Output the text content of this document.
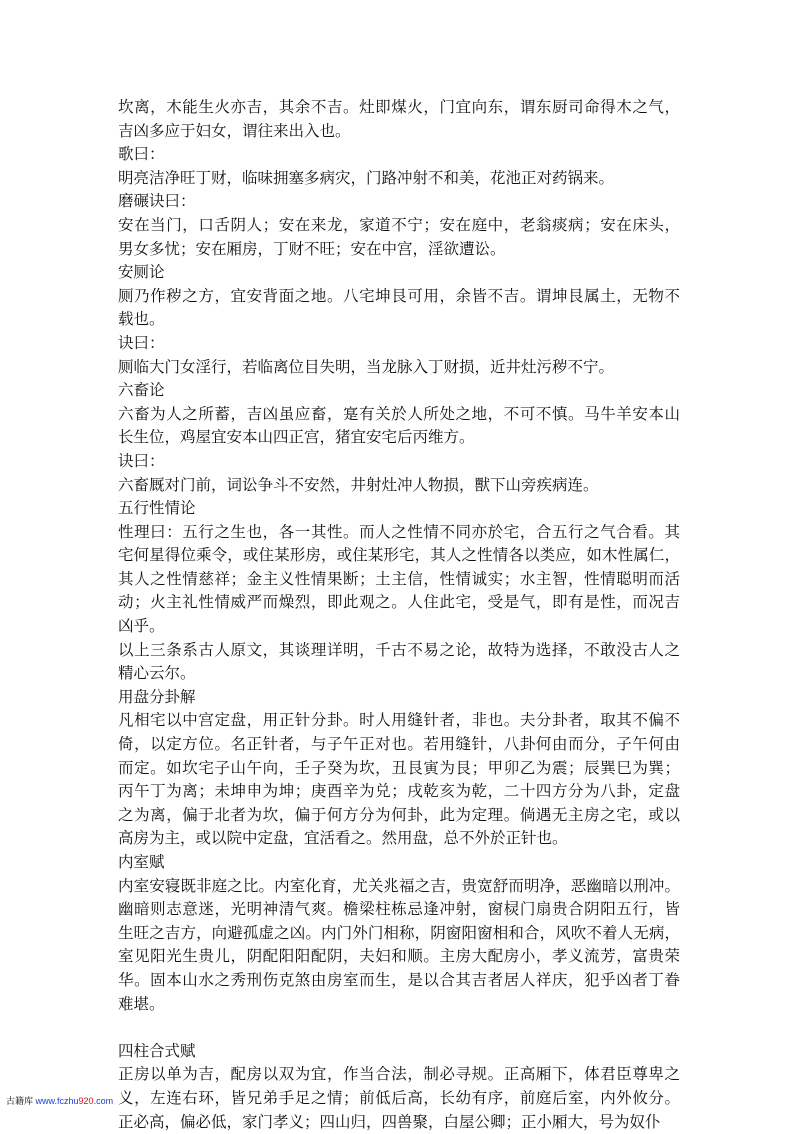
坎离，木能生火亦吉，其余不吉。灶即煤火，门宜向东，谓东厨司命得木之气，
吉凶多应于妇女，谓往来出入也。
歌曰：
明亮洁净旺丁财，临味拥塞多病灾，门路冲射不和美，花池正对药锅来。
磨碾诀曰：
安在当门，口舌阴人；安在来龙，家道不宁；安在庭中，老翁痰病；安在床头，
男女多忧；安在厢房，丁财不旺；安在中宫，淫欲遭讼。
安厕论
厕乃作秽之方，宜安背面之地。八宅坤艮可用，余皆不吉。谓坤艮属土，无物不
载也。
诀曰：
厕临大门女淫行，若临离位目失明，当龙脉入丁财损，近井灶污秽不宁。
六畜论
六畜为人之所蓄，吉凶虽应畜，寔有关於人所处之地，不可不慎。马牛羊安本山
长生位，鸡屋宜安本山四正宫，猪宜安宅后丙维方。
诀曰：
六畜厩对门前，词讼争斗不安然，井射灶冲人物损，獸下山旁疾病连。
五行性情论
性理曰：五行之生也，各一其性。而人之性情不同亦於宅，合五行之气合看。其
宅何星得位乘令，或住某形房，或住某形宅，其人之性情各以类应，如木性属仁，
其人之性情慈祥；金主义性情果断；土主信，性情诚实；水主智，性情聪明而活
动；火主礼性情威严而燥烈，即此观之。人住此宅，受是气，即有是性，而况吉
凶乎。
以上三条系古人原文，其谈理详明，千古不易之论，故特为选择，不敢没古人之
精心云尔。
用盘分卦解
凡相宅以中宫定盘，用正针分卦。时人用缝针者，非也。夫分卦者，取其不偏不
倚，以定方位。名正针者，与子午正对也。若用缝针，八卦何由而分，子午何由
而定。如坎宅子山午向，壬子癸为坎，丑艮寅为艮；甲卯乙为震；辰巽巳为巽；
丙午丁为离；未坤申为坤；庚酉辛为兑；戌乾亥为乾，二十四方分为八卦，定盘
之为离，偏于北者为坎，偏于何方分为何卦，此为定理。倘遇无主房之宅，或以
高房为主，或以院中定盘，宜活看之。然用盘，总不外於正针也。
内室赋
内室安寝既非庭之比。内室化育，尤关兆福之吉，贵宽舒而明净，恶幽暗以刑冲。
幽暗则志意迷，光明神清气爽。檐梁柱栋忌逢冲射，窗棂门扇贵合阴阳五行，皆
生旺之吉方，向避孤虚之凶。内门外门相称，阴窗阳窗相和合，风吹不着人无病，
室见阳光生贵儿，阴配阳阳配阴，夫妇和顺。主房大配房小，孝义流芳，富贵荣
华。固本山水之秀刑伤克煞由房室而生，是以合其吉者居人祥庆，犯乎凶者丁眷
难堪。
四柱合式赋
正房以单为吉，配房以双为宜，作当合法，制必寻规。正高厢下，体君臣尊卑之
义，左连右环，皆兄弟手足之情；前低后高，长幼有序，前庭后室，内外攸分。
正必高，偏必低，家门孝义；四山归，四兽聚，白屋公卿；正小厢大，号为奴仆
古籍库 www.fczhu920.com
